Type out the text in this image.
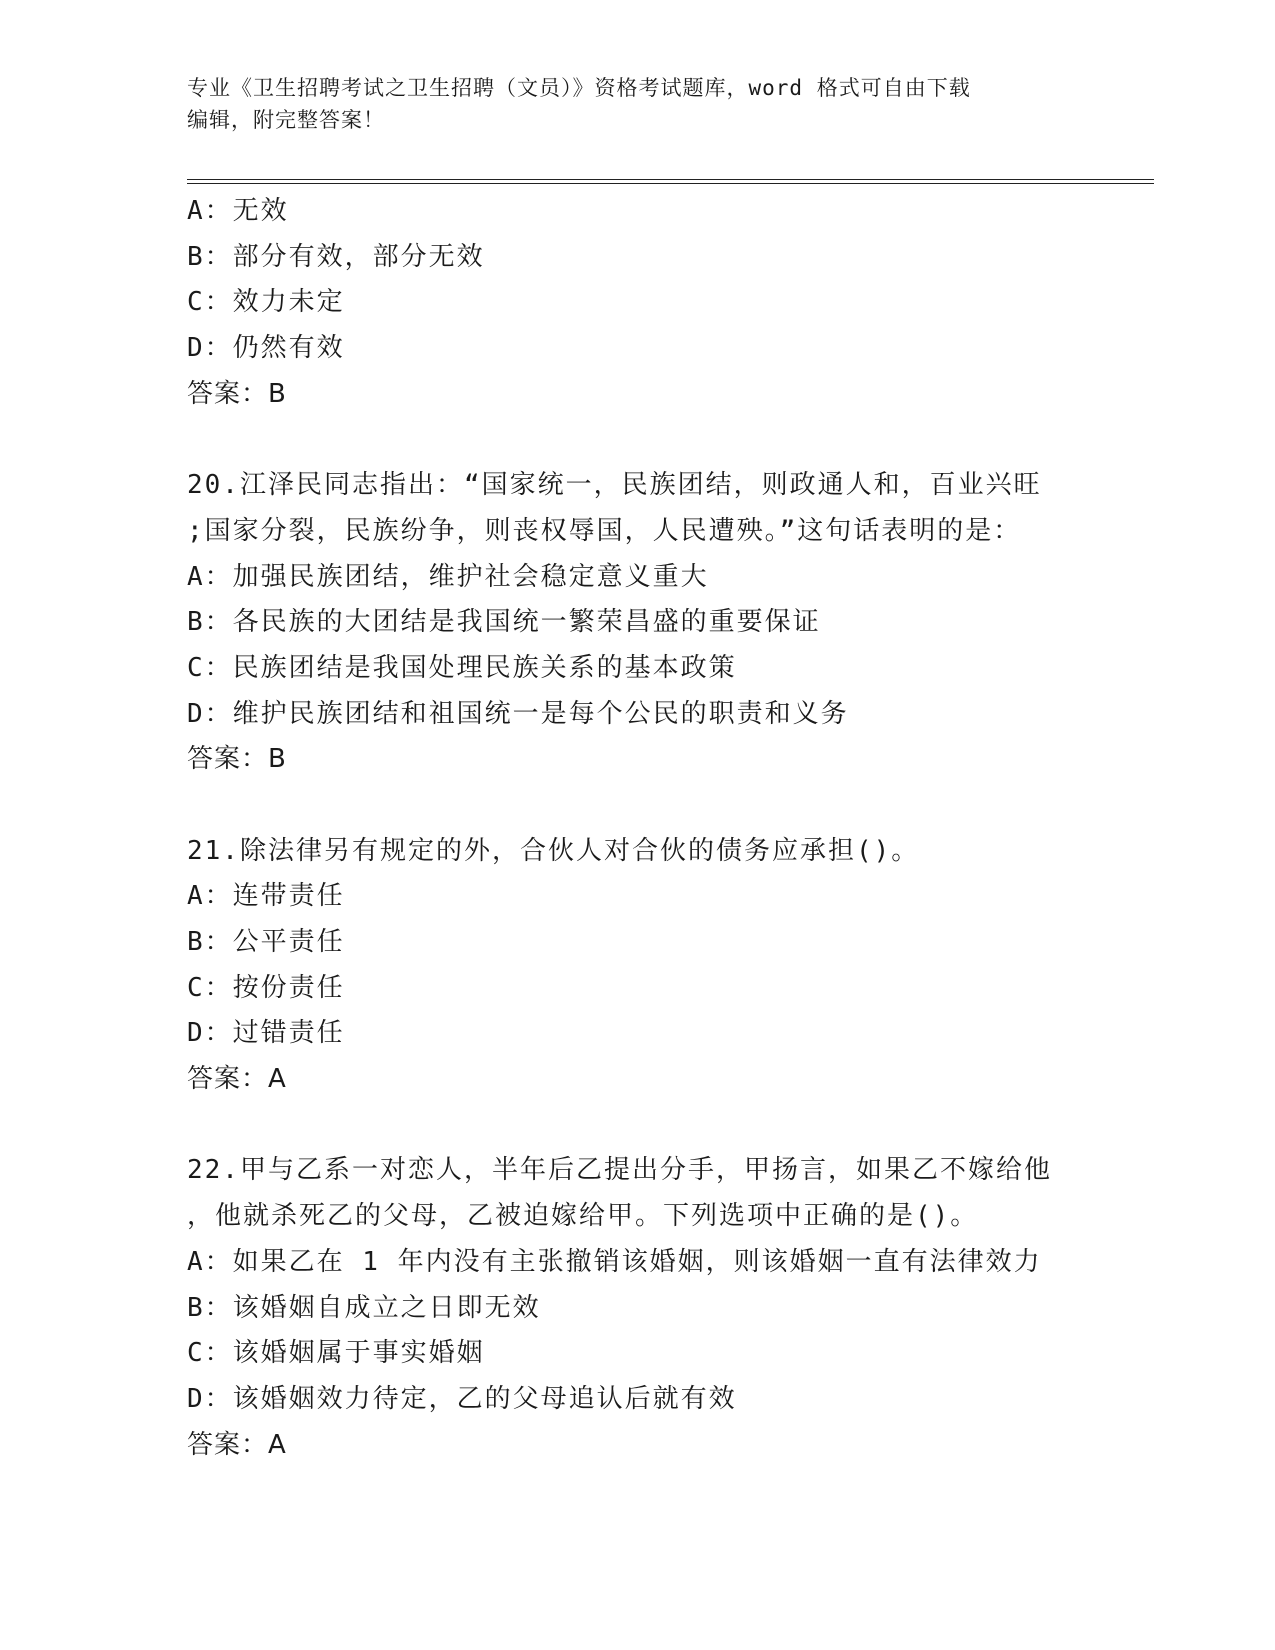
专业《卫生招聘考试之卫生招聘（文员）》资格考试题库，word 格式可自由下载
编辑，附完整答案！
A：无效
B：部分有效，部分无效
C：效力未定
D：仍然有效
答案：B
20.江泽民同志指出：“国家统一，民族团结，则政通人和，百业兴旺
;国家分裂，民族纷争，则丧权辱国，人民遭殃。”这句话表明的是：
A：加强民族团结，维护社会稳定意义重大
B：各民族的大团结是我国统一繁荣昌盛的重要保证
C：民族团结是我国处理民族关系的基本政策
D：维护民族团结和祖国统一是每个公民的职责和义务
答案：B
21.除法律另有规定的外，合伙人对合伙的债务应承担()。
A：连带责任
B：公平责任
C：按份责任
D：过错责任
答案：A
22.甲与乙系一对恋人，半年后乙提出分手，甲扬言，如果乙不嫁给他
，他就杀死乙的父母，乙被迫嫁给甲。下列选项中正确的是()。
A：如果乙在 1 年内没有主张撤销该婚姻，则该婚姻一直有法律效力
B：该婚姻自成立之日即无效
C：该婚姻属于事实婚姻
D：该婚姻效力待定，乙的父母追认后就有效
答案：A
